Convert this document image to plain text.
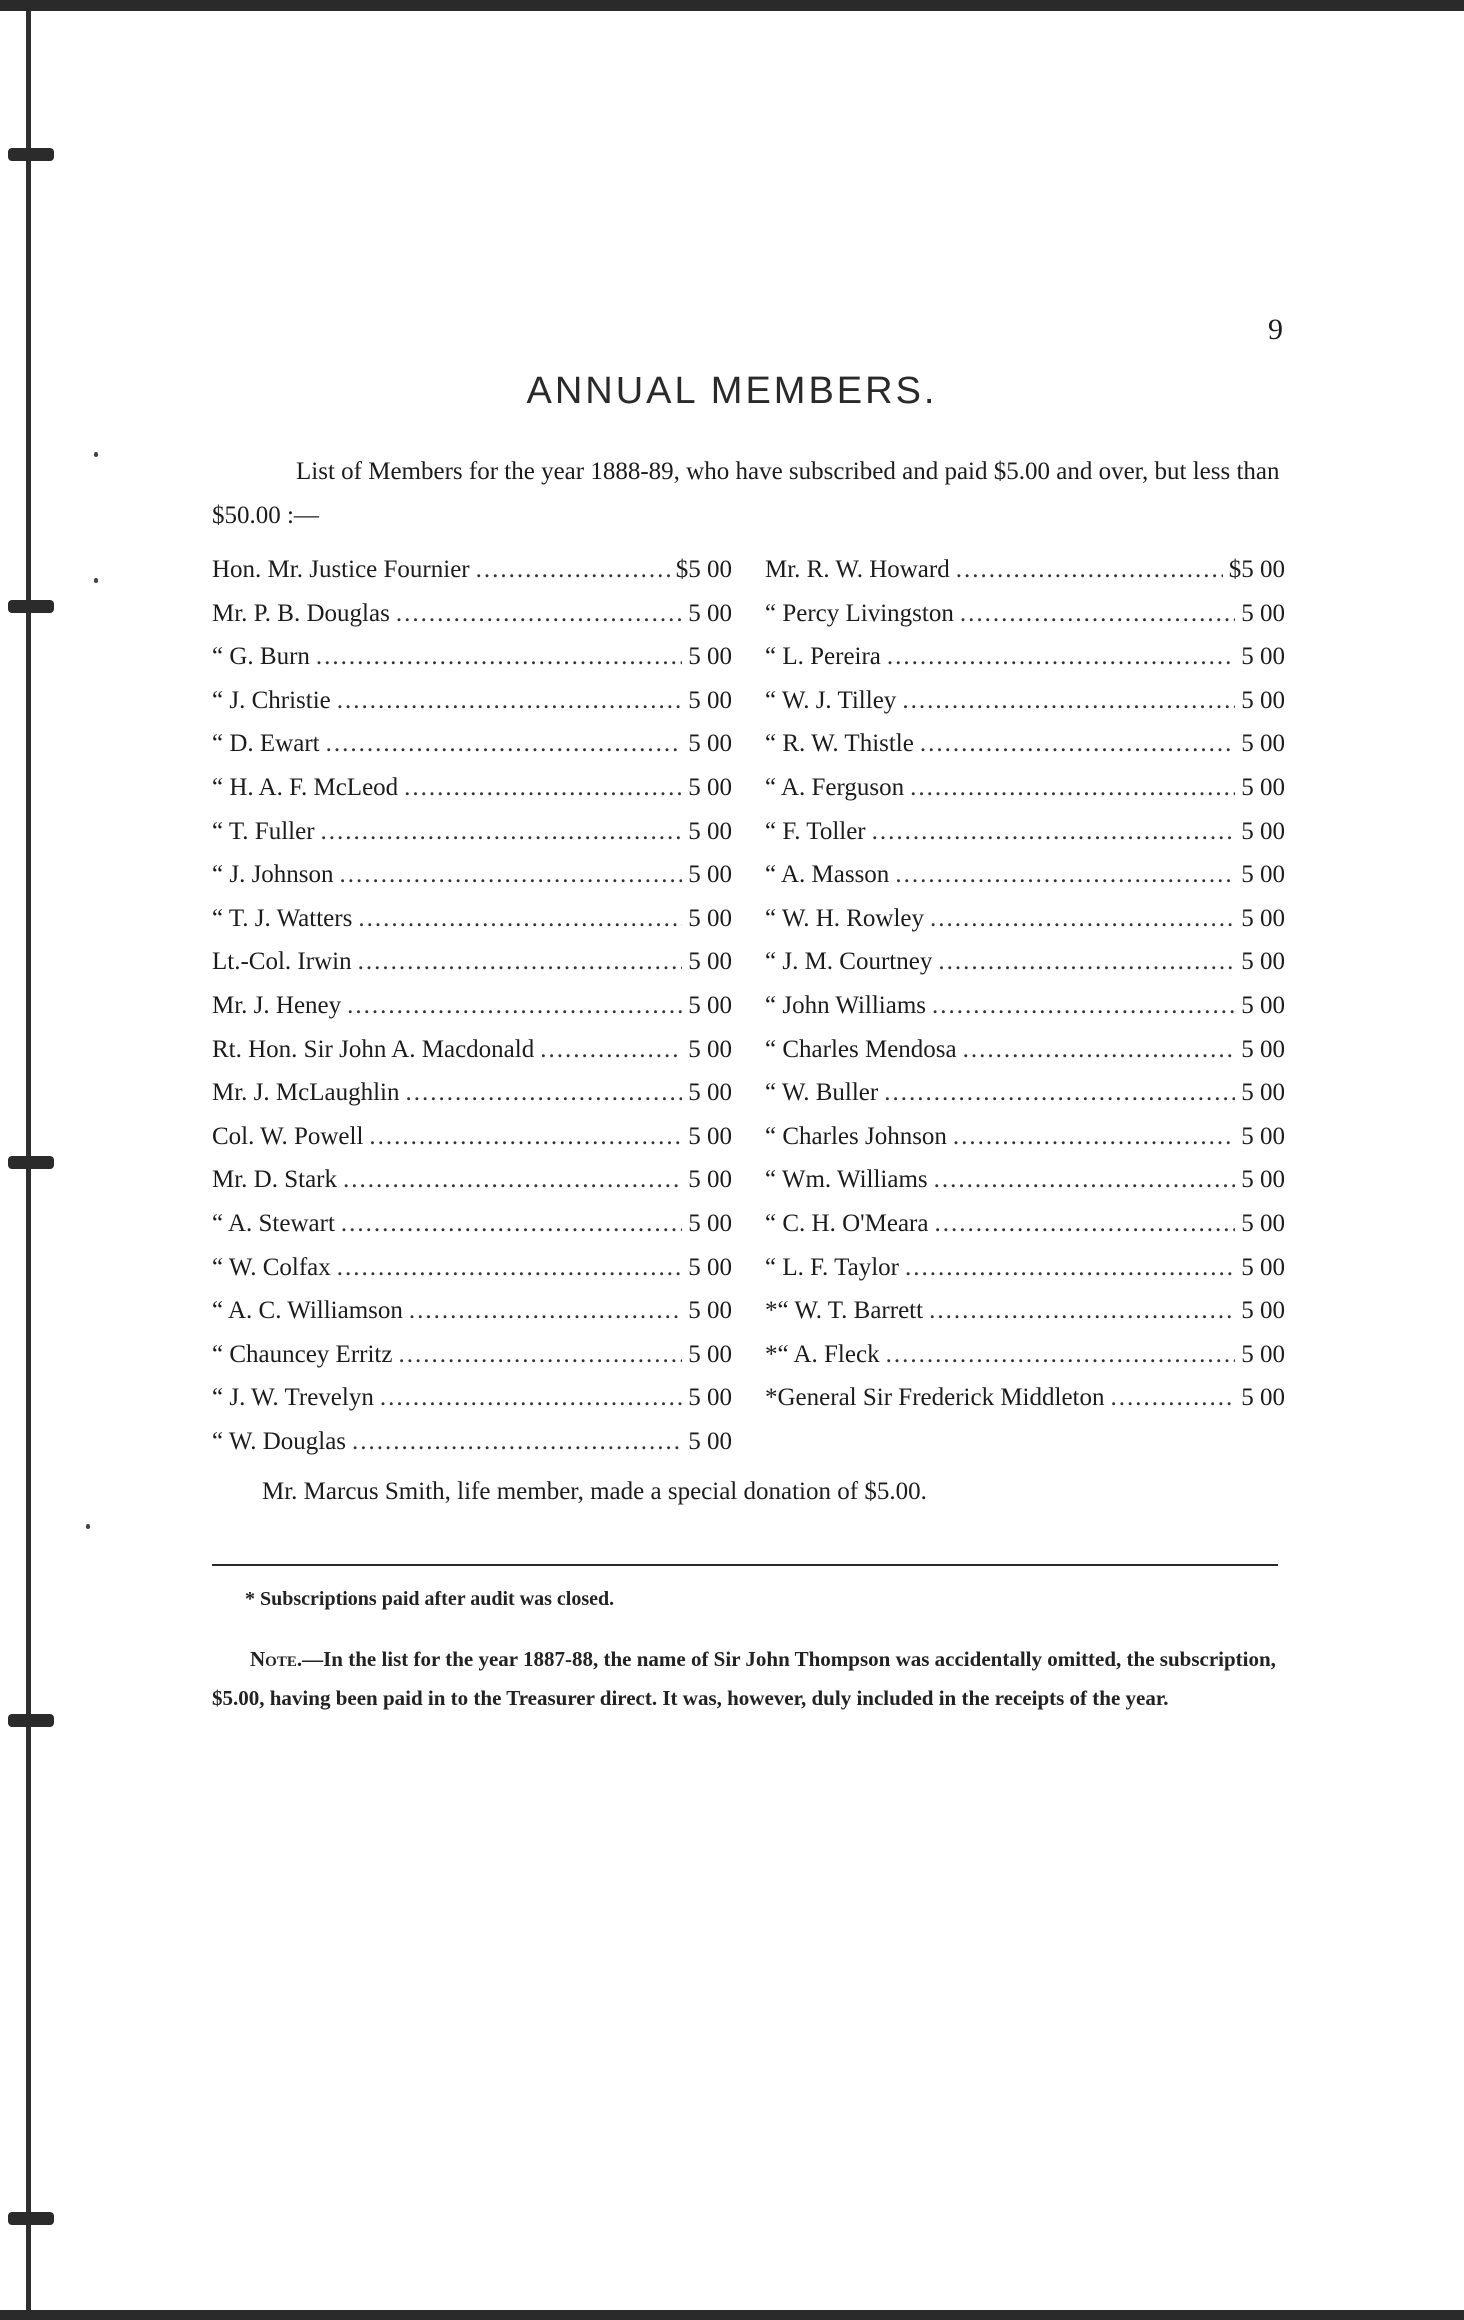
9
ANNUAL MEMBERS.
List of Members for the year 1888-89, who have subscribed and paid $5.00 and over, but less than $50.00 :—
Hon. Mr. Justice Fournier .....	$5 00
Mr. P. B. Douglas .....	5 00
“ G. Burn .....	5 00
“ J. Christie .....	5 00
“ D. Ewart .....	5 00
“ H. A. F. McLeod .....	5 00
“ T. Fuller .....	5 00
“ J. Johnson .....	5 00
“ T. J. Watters .....	5 00
Lt.-Col. Irwin .....	5 00
Mr. J. Heney .....	5 00
Rt. Hon. Sir John A. Macdonald .....	5 00
Mr. J. McLaughlin .....	5 00
Col. W. Powell .....	5 00
Mr. D. Stark .....	5 00
“ A. Stewart .....	5 00
“ W. Colfax .....	5 00
“ A. C. Williamson .....	5 00
“ Chauncey Erritz .....	5 00
“ J. W. Trevelyn .....	5 00
“ W. Douglas .....	5 00
Mr. R. W. Howard .....	$5 00
“ Percy Livingston .....	5 00
“ L. Pereira .....	5 00
“ W. J. Tilley .....	5 00
“ R. W. Thistle .....	5 00
“ A. Ferguson .....	5 00
“ F. Toller .....	5 00
“ A. Masson .....	5 00
“ W. H. Rowley .....	5 00
“ J. M. Courtney .....	5 00
“ John Williams .....	5 00
“ Charles Mendosa .....	5 00
“ W. Buller .....	5 00
“ Charles Johnson .....	5 00
“ Wm. Williams .....	5 00
“ C. H. O'Meara .....	5 00
“ L. F. Taylor .....	5 00
*“ W. T. Barrett .....	5 00
*“ A. Fleck .....	5 00
*General Sir Frederick Middleton .....	5 00
Mr. Marcus Smith, life member, made a special donation of $5.00.
* Subscriptions paid after audit was closed.
Note.—In the list for the year 1887-88, the name of Sir John Thompson was accidentally omitted, the subscription, $5.00, having been paid in to the Treasurer direct. It was, however, duly included in the receipts of the year.
